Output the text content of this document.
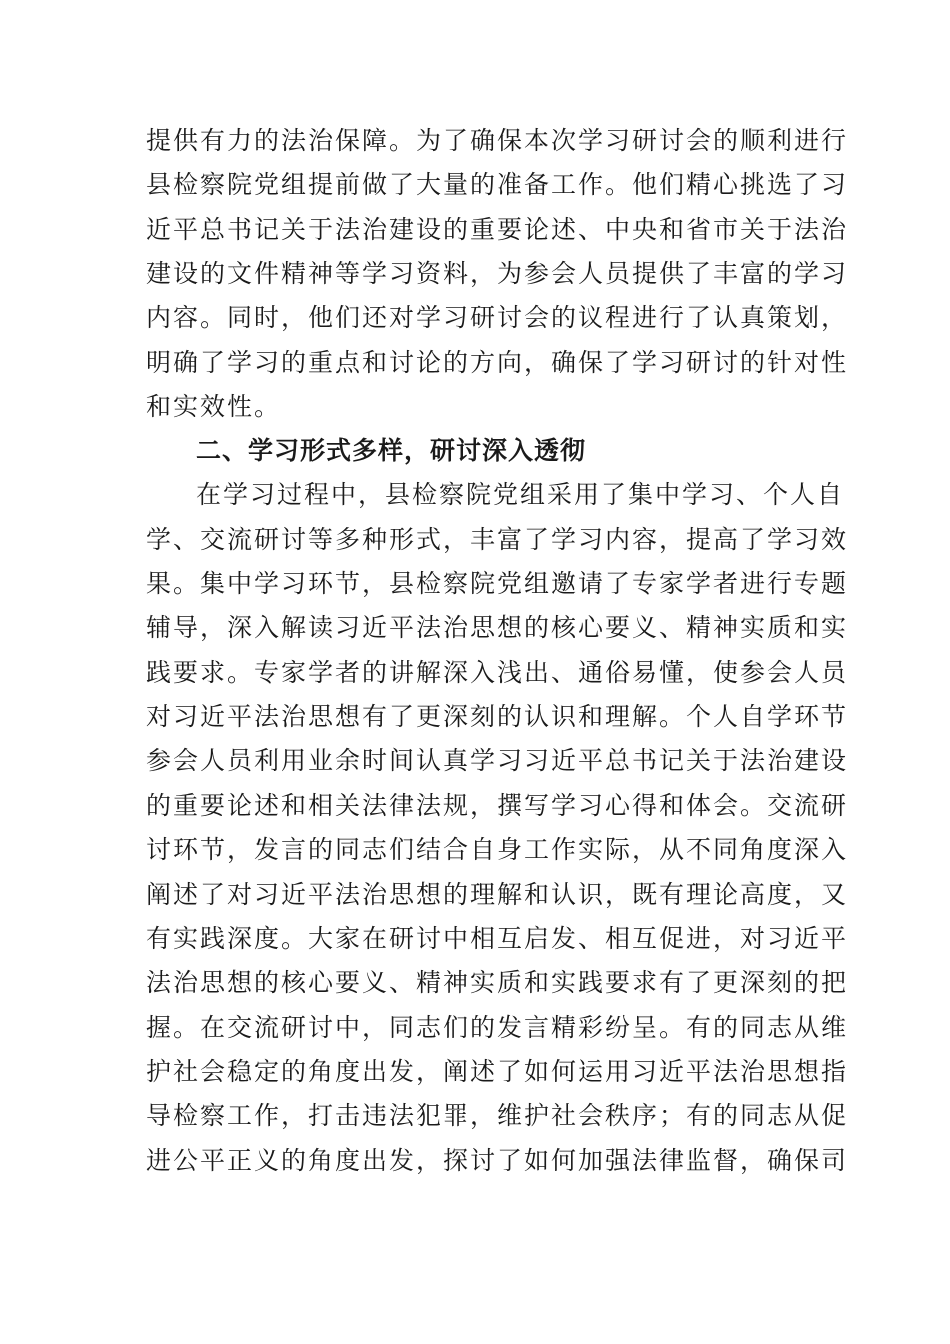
提供有力的法治保障。为了确保本次学习研讨会的顺利进行
县检察院党组提前做了大量的准备工作。他们精心挑选了习
近平总书记关于法治建设的重要论述、中央和省市关于法治
建设的文件精神等学习资料，为参会人员提供了丰富的学习
内容。同时，他们还对学习研讨会的议程进行了认真策划，
明确了学习的重点和讨论的方向，确保了学习研讨的针对性
和实效性。
二、学习形式多样，研讨深入透彻
在学习过程中，县检察院党组采用了集中学习、个人自
学、交流研讨等多种形式，丰富了学习内容，提高了学习效
果。集中学习环节，县检察院党组邀请了专家学者进行专题
辅导，深入解读习近平法治思想的核心要义、精神实质和实
践要求。专家学者的讲解深入浅出、通俗易懂，使参会人员
对习近平法治思想有了更深刻的认识和理解。个人自学环节
参会人员利用业余时间认真学习习近平总书记关于法治建设
的重要论述和相关法律法规，撰写学习心得和体会。交流研
讨环节，发言的同志们结合自身工作实际，从不同角度深入
阐述了对习近平法治思想的理解和认识，既有理论高度，又
有实践深度。大家在研讨中相互启发、相互促进，对习近平
法治思想的核心要义、精神实质和实践要求有了更深刻的把
握。在交流研讨中，同志们的发言精彩纷呈。有的同志从维
护社会稳定的角度出发，阐述了如何运用习近平法治思想指
导检察工作，打击违法犯罪，维护社会秩序；有的同志从促
进公平正义的角度出发，探讨了如何加强法律监督，确保司
